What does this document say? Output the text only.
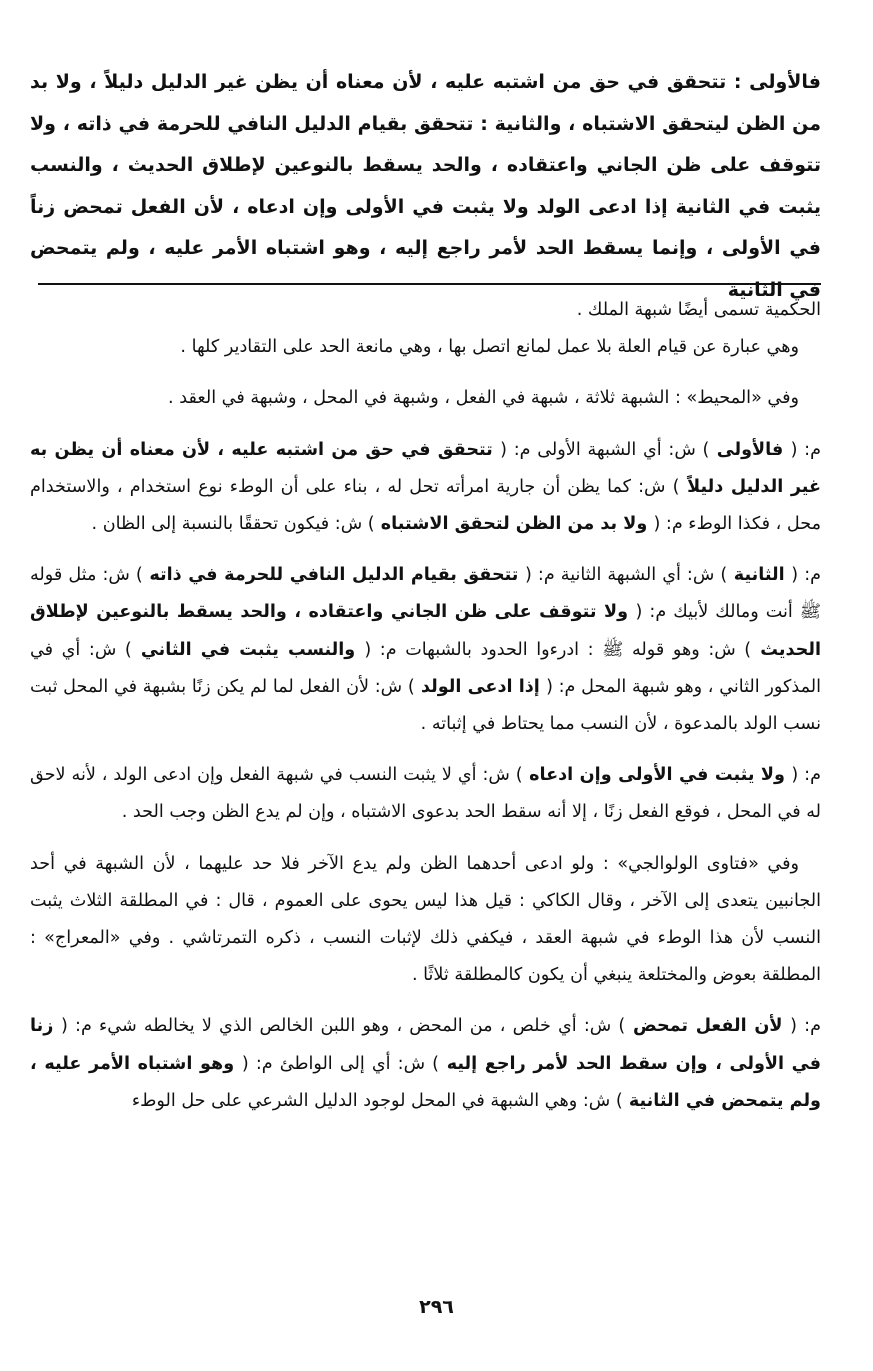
فالأولى : تتحقق في حق من اشتبه عليه ، لأن معناه أن يظن غير الدليل دليلاً ، ولا بد من الظن ليتحقق الاشتباه ، والثانية : تتحقق بقيام الدليل النافي للحرمة في ذاته ، ولا تتوقف على ظن الجاني واعتقاده ، والحد يسقط بالنوعين لإطلاق الحديث ، والنسب يثبت في الثانية إذا ادعى الولد ولا يثبت في الأولى وإن ادعاه ، لأن الفعل تمحض زناً في الأولى ، وإنما يسقط الحد لأمر راجع إليه ، وهو اشتباه الأمر عليه ، ولم يتمحض في الثانية

الحكمية تسمى أيضًا شبهة الملك .

وهي عبارة عن قيام العلة بلا عمل لمانع اتصل بها ، وهي مانعة الحد على التقادير كلها .

وفي «المحيط» : الشبهة ثلاثة ، شبهة في الفعل ، وشبهة في المحل ، وشبهة في العقد .

م: ( فالأولى ) ش: أي الشبهة الأولى م: ( تتحقق في حق من اشتبه عليه ، لأن معناه أن يظن به غير الدليل دليلاً ) ش: كما يظن أن جارية امرأته تحل له ، بناء على أن الوطء نوع استخدام ، والاستخدام محل ، فكذا الوطء م: ( ولا بد من الظن لتحقق الاشتباه ) ش: فيكون تحققًا بالنسبة إلى الظان .

م: ( الثانية ) ش: أي الشبهة الثانية م: ( تتحقق بقيام الدليل النافي للحرمة في ذاته ) ش: مثل قوله ﷺ أنت ومالك لأبيك م: ( ولا تتوقف على ظن الجاني واعتقاده ، والحد يسقط بالنوعين لإطلاق الحديث ) ش: وهو قوله ﷺ : ادرءوا الحدود بالشبهات م: ( والنسب يثبت في الثاني ) ش: أي في المذكور الثاني ، وهو شبهة المحل م: ( إذا ادعى الولد ) ش: لأن الفعل لما لم يكن زنًا بشبهة في المحل ثبت نسب الولد بالمدعوة ، لأن النسب مما يحتاط في إثباته .

م: ( ولا يثبت في الأولى وإن ادعاه ) ش: أي لا يثبت النسب في شبهة الفعل وإن ادعى الولد ، لأنه لاحق له في المحل ، فوقع الفعل زنًا ، إلا أنه سقط الحد بدعوى الاشتباه ، وإن لم يدع الظن وجب الحد .

وفي «فتاوى الولوالجي» : ولو ادعى أحدهما الظن ولم يدع الآخر فلا حد عليهما ، لأن الشبهة في أحد الجانبين يتعدى إلى الآخر ، وقال الكاكي : قيل هذا ليس يحوى على العموم ، قال : في المطلقة الثلاث يثبت النسب لأن هذا الوطء في شبهة العقد ، فيكفي ذلك لإثبات النسب ، ذكره التمرتاشي . وفي «المعراج» : المطلقة بعوض والمختلعة ينبغي أن يكون كالمطلقة ثلاثًا .

م: ( لأن الفعل تمحض ) ش: أي خلص ، من المحض ، وهو اللبن الخالص الذي لا يخالطه شيء م: ( زنا في الأولى ، وإن سقط الحد لأمر راجع إليه ) ش: أي إلى الواطئ م: ( وهو اشتباه الأمر عليه ، ولم يتمحض في الثانية ) ش: وهي الشبهة في المحل لوجود الدليل الشرعي على حل الوطء

٢٩٦
